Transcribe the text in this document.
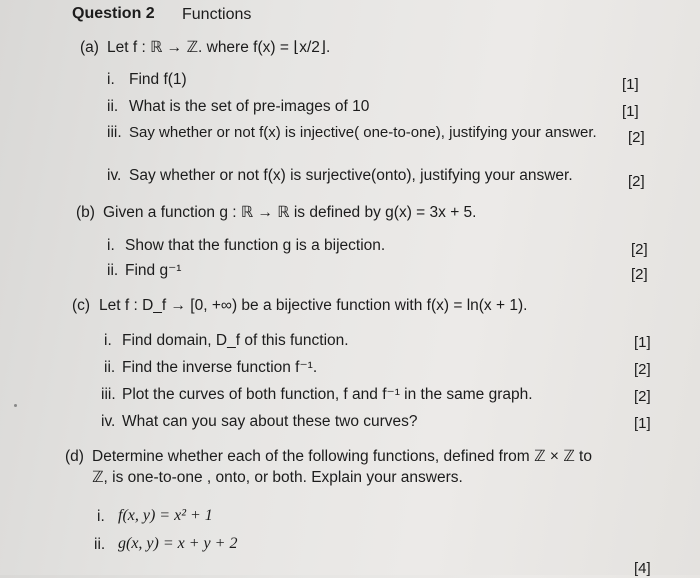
Question 2 Functions
(a) Let f : ℝ → ℤ. where f(x) = ⌊x/2⌋.
i. Find f(1)	[1]
ii. What is the set of pre-images of 10	[1]
iii. Say whether or not f(x) is injective( one-to-one), justifying your answer. [2]
iv. Say whether or not f(x) is surjective(onto), justifying your answer.	[2]
(b) Given a function g : ℝ → ℝ is defined by g(x) = 3x + 5.
i. Show that the function g is a bijection.	[2]
ii. Find g⁻¹	[2]
(c) Let f : D_f → [0, +∞) be a bijective function with f(x) = ln(x + 1).
i. Find domain, D_f of this function.	[1]
ii. Find the inverse function f⁻¹.	[2]
iii. Plot the curves of both function, f and f⁻¹ in the same graph.	[2]
iv. What can you say about these two curves?	[1]
(d) Determine whether each of the following functions, defined from ℤ × ℤ to
ℤ, is one-to-one , onto, or both. Explain your answers.
i. f(x, y) = x² + 1
ii. g(x, y) = x + y + 2
[4]
